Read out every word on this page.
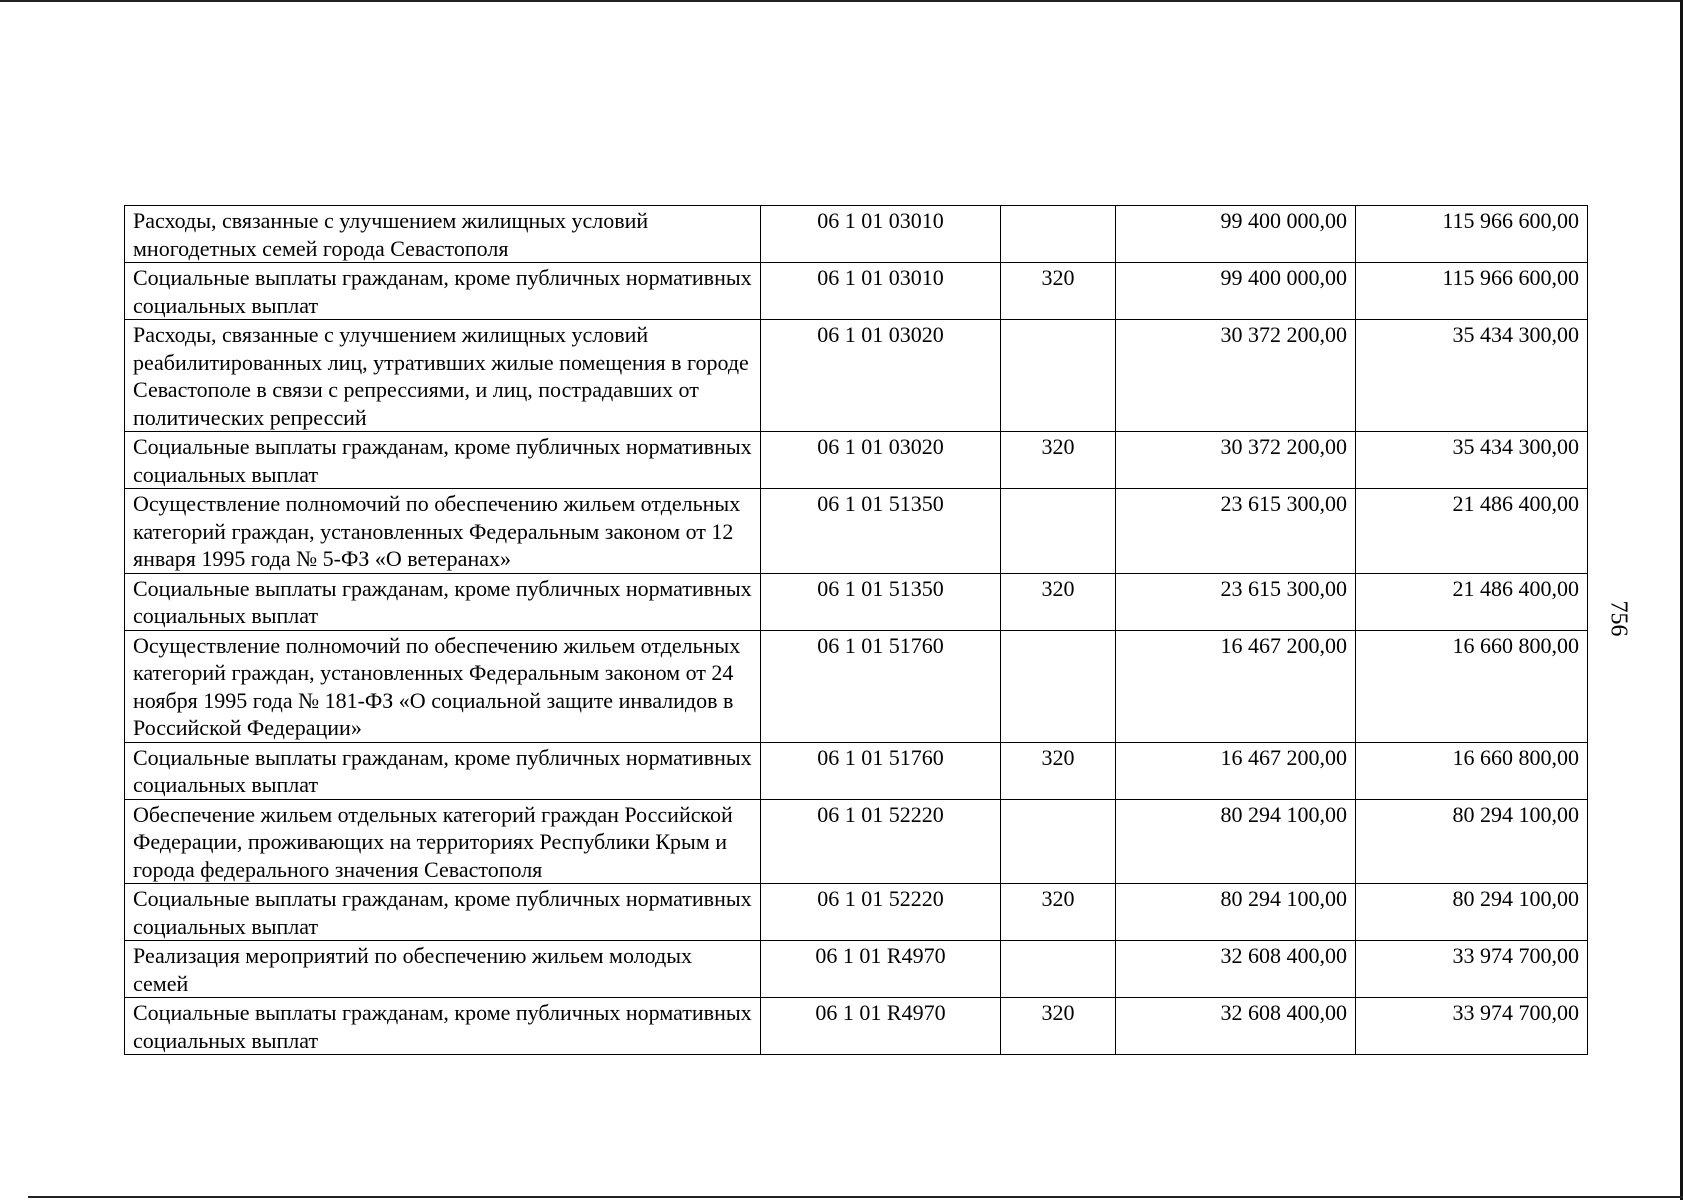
Расходы, связанные с улучшением жилищных условий многодетных семей города Севастополя	06 1 01 03010		99 400 000,00	115 966 600,00
Социальные выплаты гражданам, кроме публичных нормативных социальных выплат	06 1 01 03010	320	99 400 000,00	115 966 600,00
Расходы, связанные с улучшением жилищных условий реабилитированных лиц, утративших жилые помещения в городе Севастополе в связи с репрессиями, и лиц, пострадавших от политических репрессий	06 1 01 03020		30 372 200,00	35 434 300,00
Социальные выплаты гражданам, кроме публичных нормативных социальных выплат	06 1 01 03020	320	30 372 200,00	35 434 300,00
Осуществление полномочий по обеспечению жильем отдельных категорий граждан, установленных Федеральным законом от 12 января 1995 года № 5-ФЗ «О ветеранах»	06 1 01 51350		23 615 300,00	21 486 400,00
Социальные выплаты гражданам, кроме публичных нормативных социальных выплат	06 1 01 51350	320	23 615 300,00	21 486 400,00
Осуществление полномочий по обеспечению жильем отдельных категорий граждан, установленных Федеральным законом от 24 ноября 1995 года № 181-ФЗ «О социальной защите инвалидов в Российской Федерации»	06 1 01 51760		16 467 200,00	16 660 800,00
Социальные выплаты гражданам, кроме публичных нормативных социальных выплат	06 1 01 51760	320	16 467 200,00	16 660 800,00
Обеспечение жильем отдельных категорий граждан Российской Федерации, проживающих на территориях Республики Крым и города федерального значения Севастополя	06 1 01 52220		80 294 100,00	80 294 100,00
Социальные выплаты гражданам, кроме публичных нормативных социальных выплат	06 1 01 52220	320	80 294 100,00	80 294 100,00
Реализация мероприятий по обеспечению жильем молодых семей	06 1 01 R4970		32 608 400,00	33 974 700,00
Социальные выплаты гражданам, кроме публичных нормативных социальных выплат	06 1 01 R4970	320	32 608 400,00	33 974 700,00
756
